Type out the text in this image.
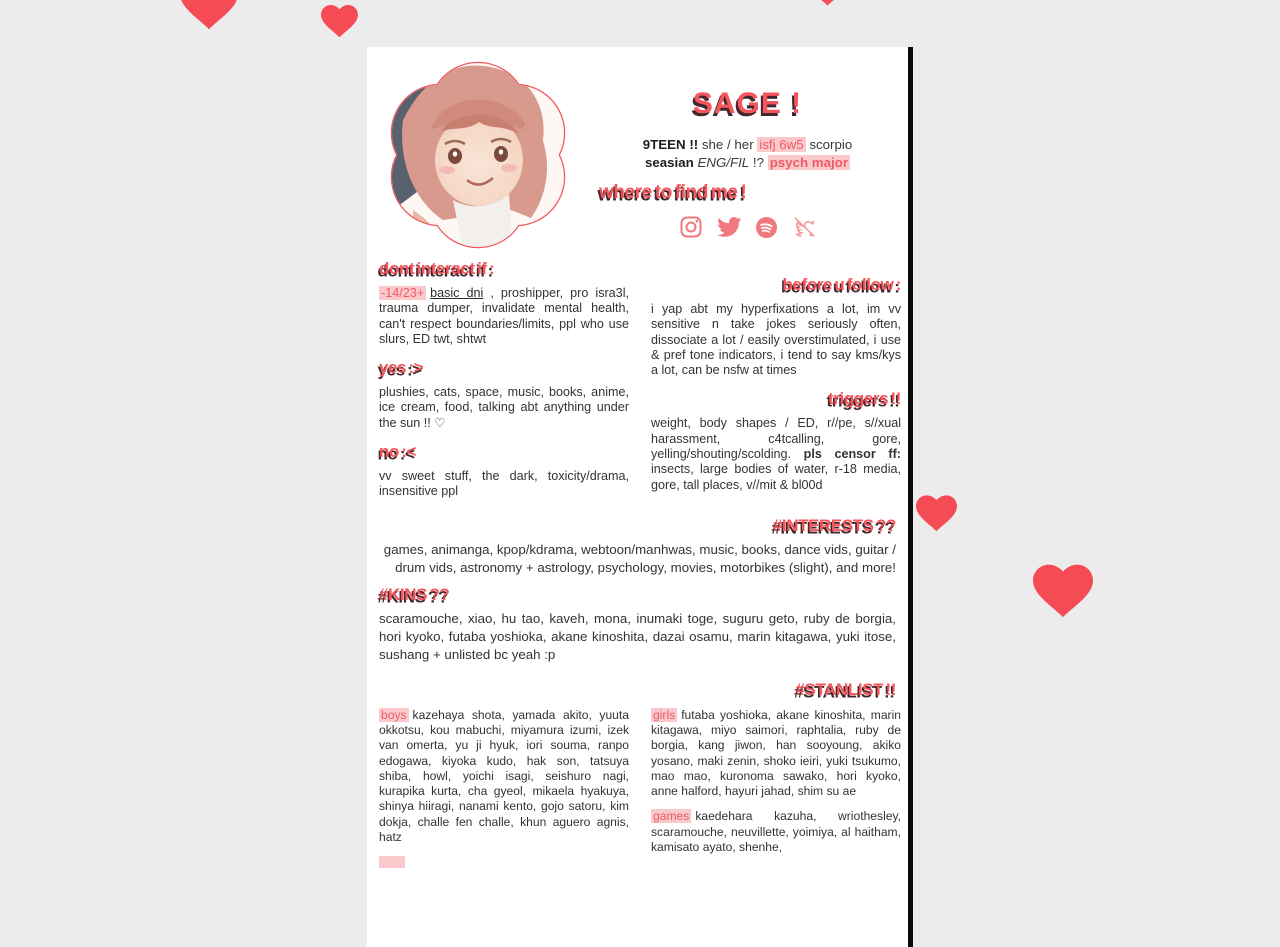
SAGE !
9TEEN !! she / her isfj 6w5 scorpio
seasian ENG/FIL !? psych major
where to find me !
dont interact if :

-14/23+ basic dni , proshipper, pro isra3l, trauma dumper, invalidate mental health, can't respect boundaries/limits, ppl who use slurs, ED twt, shtwt

yes :>

plushies, cats, space, music, books, anime, ice cream, food, talking abt anything under the sun !! ♡

no :<

vv sweet stuff, the dark, toxicity/drama, insensitive ppl

before u follow :

i yap abt my hyperfixations a lot, im vv sensitive n take jokes seriously often, dissociate a lot / easily overstimulated, i use & pref tone indicators, i tend to say kms/kys a lot, can be nsfw at times

triggers !!

weight, body shapes / ED, r//pe, s//xual harassment, c4tcalling, gore, yelling/shouting/scolding. pls censor ff: insects, large bodies of water, r-18 media, gore, tall places, v//mit & bl00d

#INTERESTS ??
games, animanga, kpop/kdrama, webtoon/manhwas, music, books, dance vids, guitar / drum vids, astronomy + astrology, psychology, movies, motorbikes (slight), and more!
#KINS ??
scaramouche, xiao, hu tao, kaveh, mona, inumaki toge, suguru geto, ruby de borgia, hori kyoko, futaba yoshioka, akane kinoshita, dazai osamu, marin kitagawa, yuki itose, sushang + unlisted bc yeah :p
#STANLIST !!

boys kazehaya shota, yamada akito, yuuta okkotsu, kou mabuchi, miyamura izumi, izek van omerta, yu ji hyuk, iori souma, ranpo edogawa, kiyoka kudo, hak son, tatsuya shiba, howl, yoichi isagi, seishuro nagi, kurapika kurta, cha gyeol, mikaela hyakuya, shinya hiiragi, nanami kento, gojo satoru, kim dokja, challe fen challe, khun aguero agnis, hatz

girls futaba yoshioka, akane kinoshita, marin kitagawa, miyo saimori, raphtalia, ruby de borgia, kang jiwon, han sooyoung, akiko yosano, maki zenin, shoko ieiri, yuki tsukumo, mao mao, kuronoma sawako, hori kyoko, anne halford, hayuri jahad, shim su ae

games kaedehara kazuha, wriothesley, scaramouche, neuvillette, yoimiya, al haitham, kamisato ayato, shenhe,
